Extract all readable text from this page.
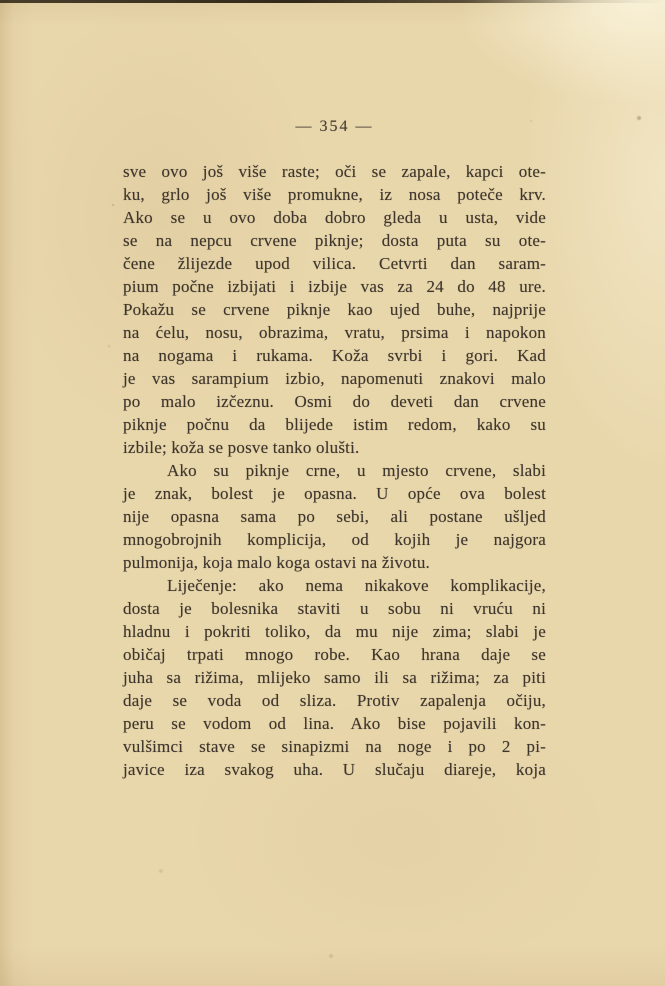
— 354 —
sve ovo još više raste; oči se zapale, kapci ote-
ku, grlo još više promukne, iz nosa poteče krv.
Ako se u ovo doba dobro gleda u usta, vide
se na nepcu crvene piknje; dosta puta su ote-
čene žlijezde upod vilica. Cetvrti dan saram-
pium počne izbijati i izbije vas za 24 do 48 ure.
Pokažu se crvene piknje kao ujed buhe, najprije
na ćelu, nosu, obrazima, vratu, prsima i napokon
na nogama i rukama. Koža svrbi i gori. Kad
je vas sarampium izbio, napomenuti znakovi malo
po malo izčeznu. Osmi do deveti dan crvene
piknje počnu da blijede istim redom, kako su
izbile; koža se posve tanko olušti.
Ako su piknje crne, u mjesto crvene, slabi
je znak, bolest je opasna. U opće ova bolest
nije opasna sama po sebi, ali postane ušljed
mnogobrojnih komplicija, od kojih je najgora
pulmonija, koja malo koga ostavi na životu.
Liječenje: ako nema nikakove komplikacije,
dosta je bolesnika staviti u sobu ni vruću ni
hladnu i pokriti toliko, da mu nije zima; slabi je
običaj trpati mnogo robe. Kao hrana daje se
juha sa rižima, mlijeko samo ili sa rižima; za piti
daje se voda od sliza. Protiv zapalenja očiju,
peru se vodom od lina. Ako bise pojavili kon-
vulšimci stave se sinapizmi na noge i po 2 pi-
javice iza svakog uha. U slučaju diareje, koja
